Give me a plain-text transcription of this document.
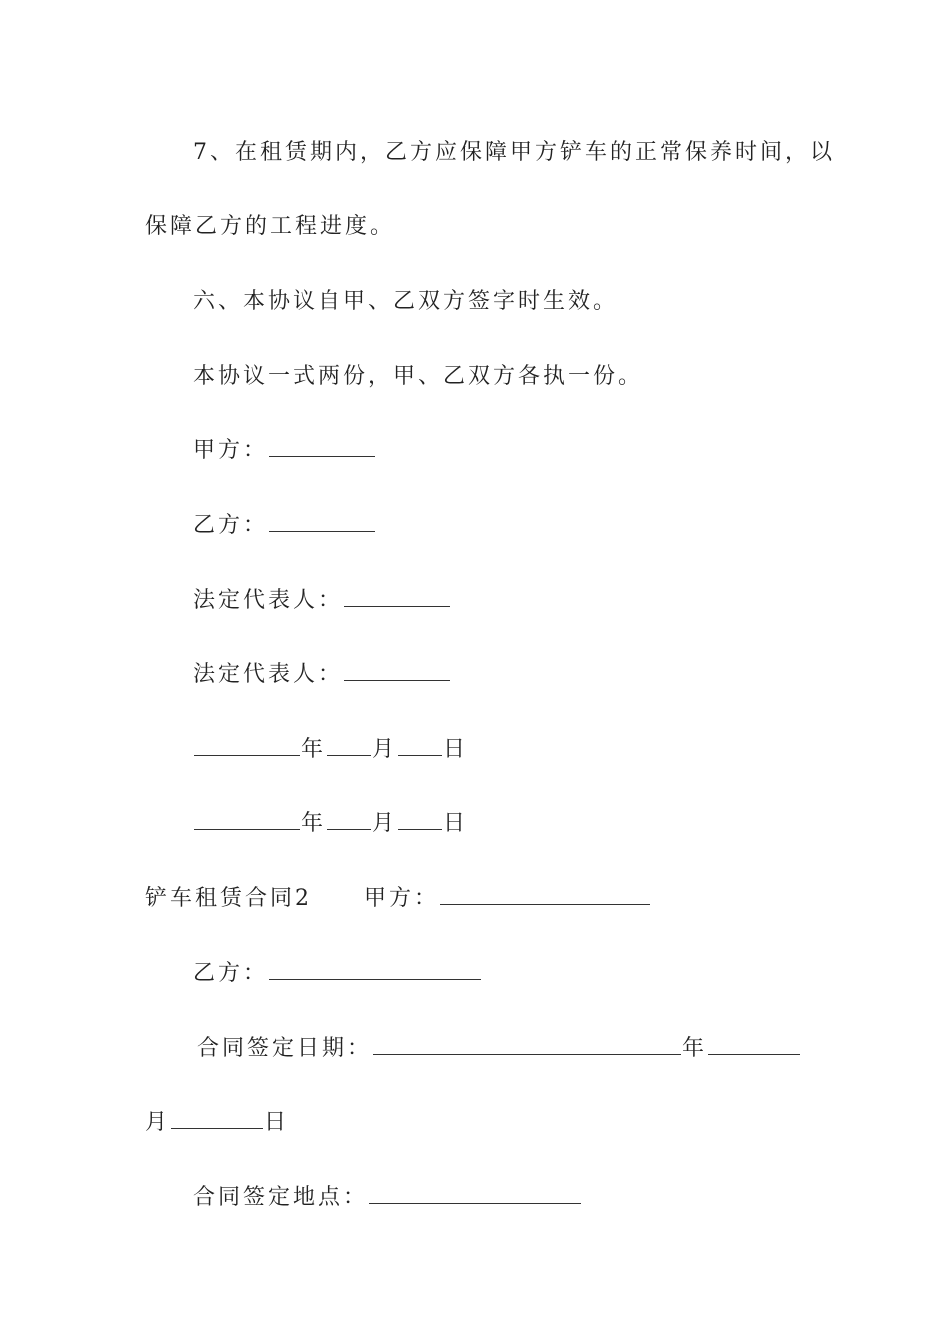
7、在租赁期内，乙方应保障甲方铲车的正常保养时间，以
保障乙方的工程进度。
六、本协议自甲、乙双方签字时生效。
本协议一式两份，甲、乙双方各执一份。
甲方：
乙方：
法定代表人：
法定代表人：
年 月 日
年 月 日
铲车租赁合同2 甲方：
乙方：
合同签定日期：	年
月	日
合同签定地点：
